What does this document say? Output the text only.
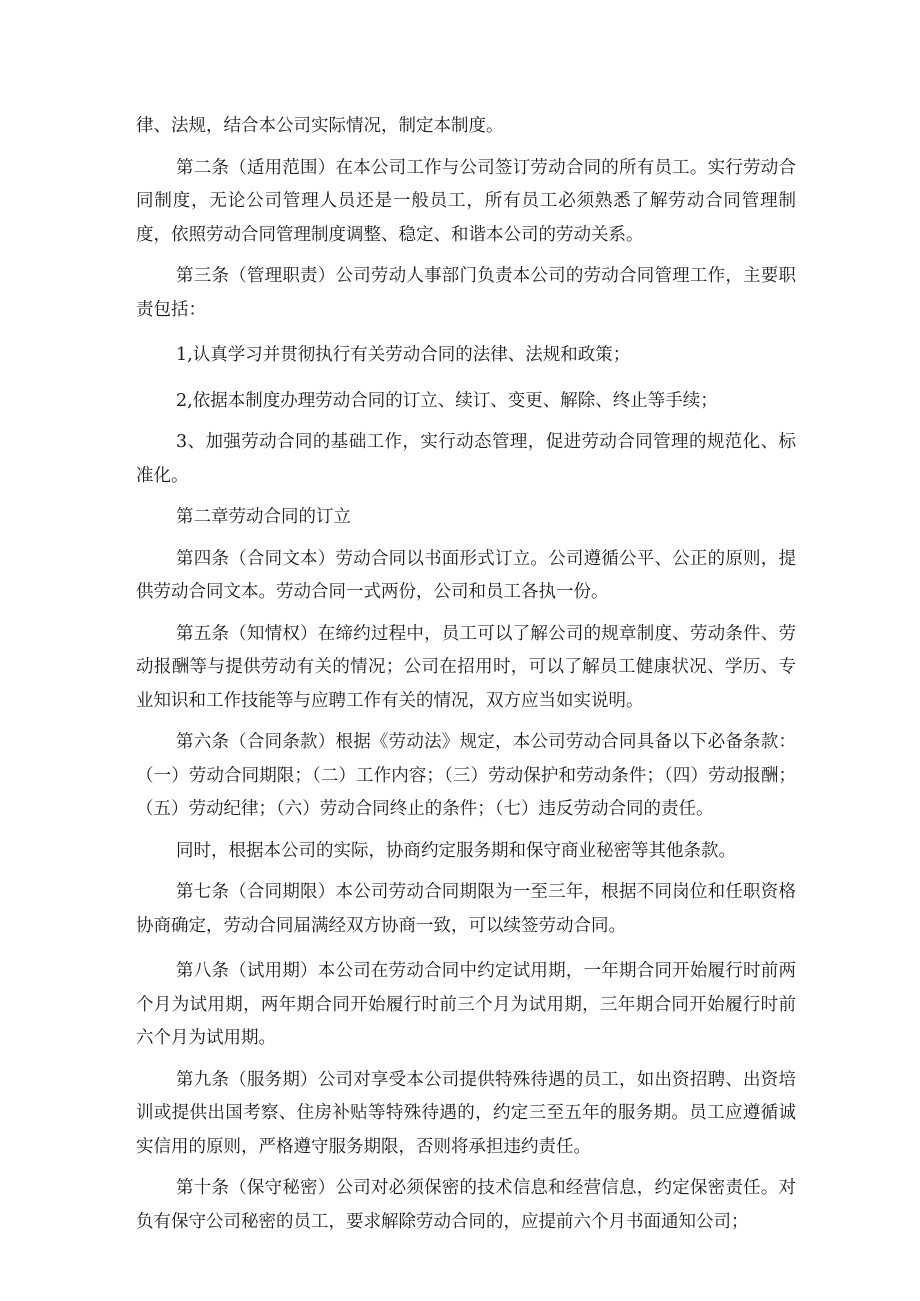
律、法规，结合本公司实际情况，制定本制度。

第二条（适用范围）在本公司工作与公司签订劳动合同的所有员工。实行劳动合同制度，无论公司管理人员还是一般员工，所有员工必须熟悉了解劳动合同管理制度，依照劳动合同管理制度调整、稳定、和谐本公司的劳动关系。

第三条（管理职责）公司劳动人事部门负责本公司的劳动合同管理工作，主要职责包括：

1,认真学习并贯彻执行有关劳动合同的法律、法规和政策；

2,依据本制度办理劳动合同的订立、续订、变更、解除、终止等手续；

3、加强劳动合同的基础工作，实行动态管理，促进劳动合同管理的规范化、标准化。

第二章劳动合同的订立

第四条（合同文本）劳动合同以书面形式订立。公司遵循公平、公正的原则，提供劳动合同文本。劳动合同一式两份，公司和员工各执一份。

第五条（知情权）在缔约过程中，员工可以了解公司的规章制度、劳动条件、劳动报酬等与提供劳动有关的情况；公司在招用时，可以了解员工健康状况、学历、专业知识和工作技能等与应聘工作有关的情况，双方应当如实说明。

第六条（合同条款）根据《劳动法》规定，本公司劳动合同具备以下必备条款：（一）劳动合同期限；（二）工作内容；（三）劳动保护和劳动条件；（四）劳动报酬；（五）劳动纪律；（六）劳动合同终止的条件；（七）违反劳动合同的责任。

同时，根据本公司的实际，协商约定服务期和保守商业秘密等其他条款。

第七条（合同期限）本公司劳动合同期限为一至三年，根据不同岗位和任职资格协商确定，劳动合同届满经双方协商一致，可以续签劳动合同。

第八条（试用期）本公司在劳动合同中约定试用期，一年期合同开始履行时前两个月为试用期，两年期合同开始履行时前三个月为试用期，三年期合同开始履行时前六个月为试用期。

第九条（服务期）公司对享受本公司提供特殊待遇的员工，如出资招聘、出资培训或提供出国考察、住房补贴等特殊待遇的，约定三至五年的服务期。员工应遵循诚实信用的原则，严格遵守服务期限，否则将承担违约责任。

第十条（保守秘密）公司对必须保密的技术信息和经营信息，约定保密责任。对负有保守公司秘密的员工，要求解除劳动合同的，应提前六个月书面通知公司；
